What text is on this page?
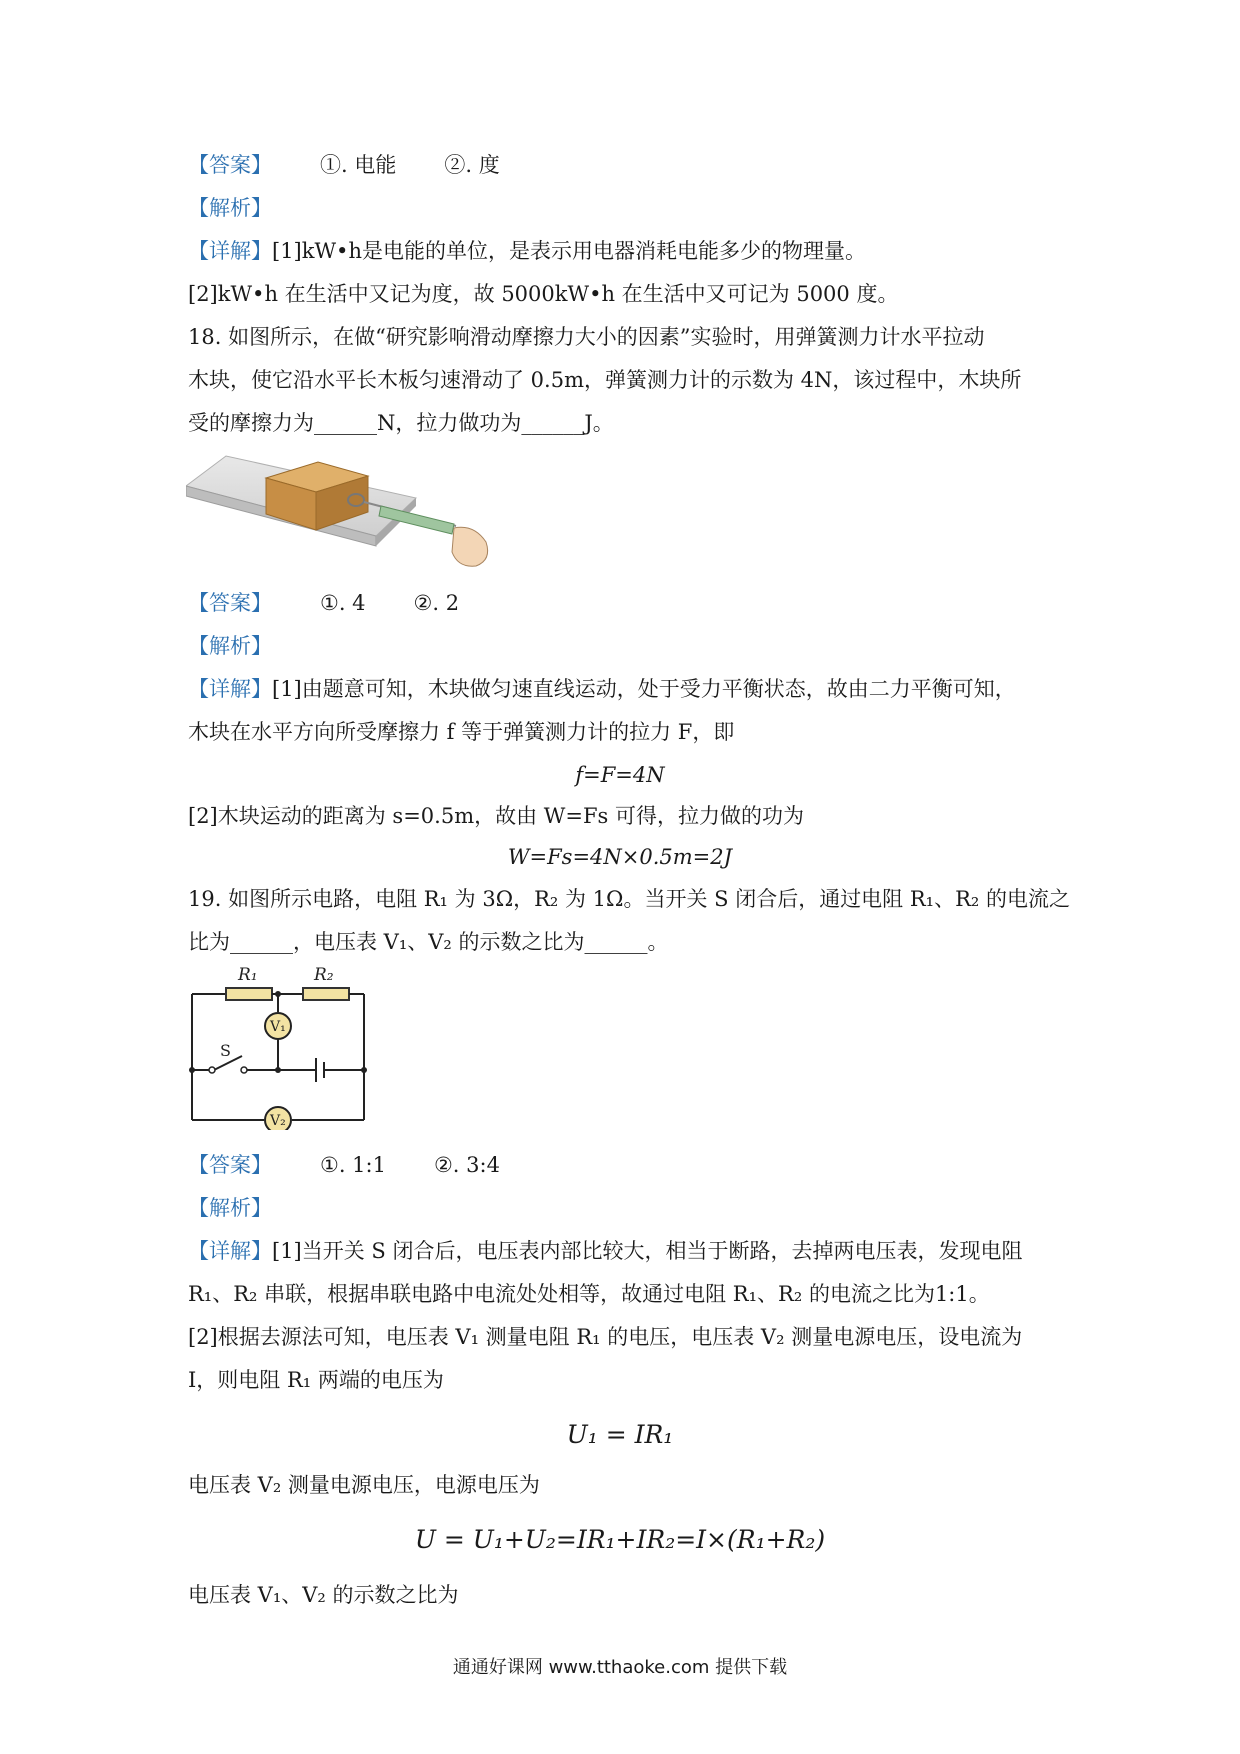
【答案】 ①. 电能 ②. 度
【解析】
【详解】[1]kW•h是电能的单位，是表示用电器消耗电能多少的物理量。
[2]kW•h 在生活中又记为度，故 5000kW•h 在生活中又可记为 5000 度。
18. 如图所示，在做“研究影响滑动摩擦力大小的因素”实验时，用弹簧测力计水平拉动
木块，使它沿水平长木板匀速滑动了 0.5m，弹簧测力计的示数为 4N，该过程中，木块所
受的摩擦力为______N，拉力做功为______J。
【答案】 ①. 4 ②. 2
【解析】
【详解】[1]由题意可知，木块做匀速直线运动，处于受力平衡状态，故由二力平衡可知，
木块在水平方向所受摩擦力 f 等于弹簧测力计的拉力 F，即
f=F=4N
[2]木块运动的距离为 s=0.5m，故由 W=Fs 可得，拉力做的功为
W=Fs=4N×0.5m=2J
19. 如图所示电路，电阻 R₁ 为 3Ω，R₂ 为 1Ω。当开关 S 闭合后，通过电阻 R₁、R₂ 的电流之
比为______，电压表 V₁、V₂ 的示数之比为______。
R₁	R₂
V₁
V₂
S
【答案】 ①. 1:1 ②. 3:4
【解析】
【详解】[1]当开关 S 闭合后，电压表内部比较大，相当于断路，去掉两电压表，发现电阻
R₁、R₂ 串联，根据串联电路中电流处处相等，故通过电阻 R₁、R₂ 的电流之比为1:1。
[2]根据去源法可知，电压表 V₁ 测量电阻 R₁ 的电压，电压表 V₂ 测量电源电压，设电流为
I，则电阻 R₁ 两端的电压为
U₁ = IR₁
电压表 V₂ 测量电源电压，电源电压为
U = U₁+U₂=IR₁+IR₂=I×(R₁+R₂)
电压表 V₁、V₂ 的示数之比为
通通好课网 www.tthaoke.com 提供下载
